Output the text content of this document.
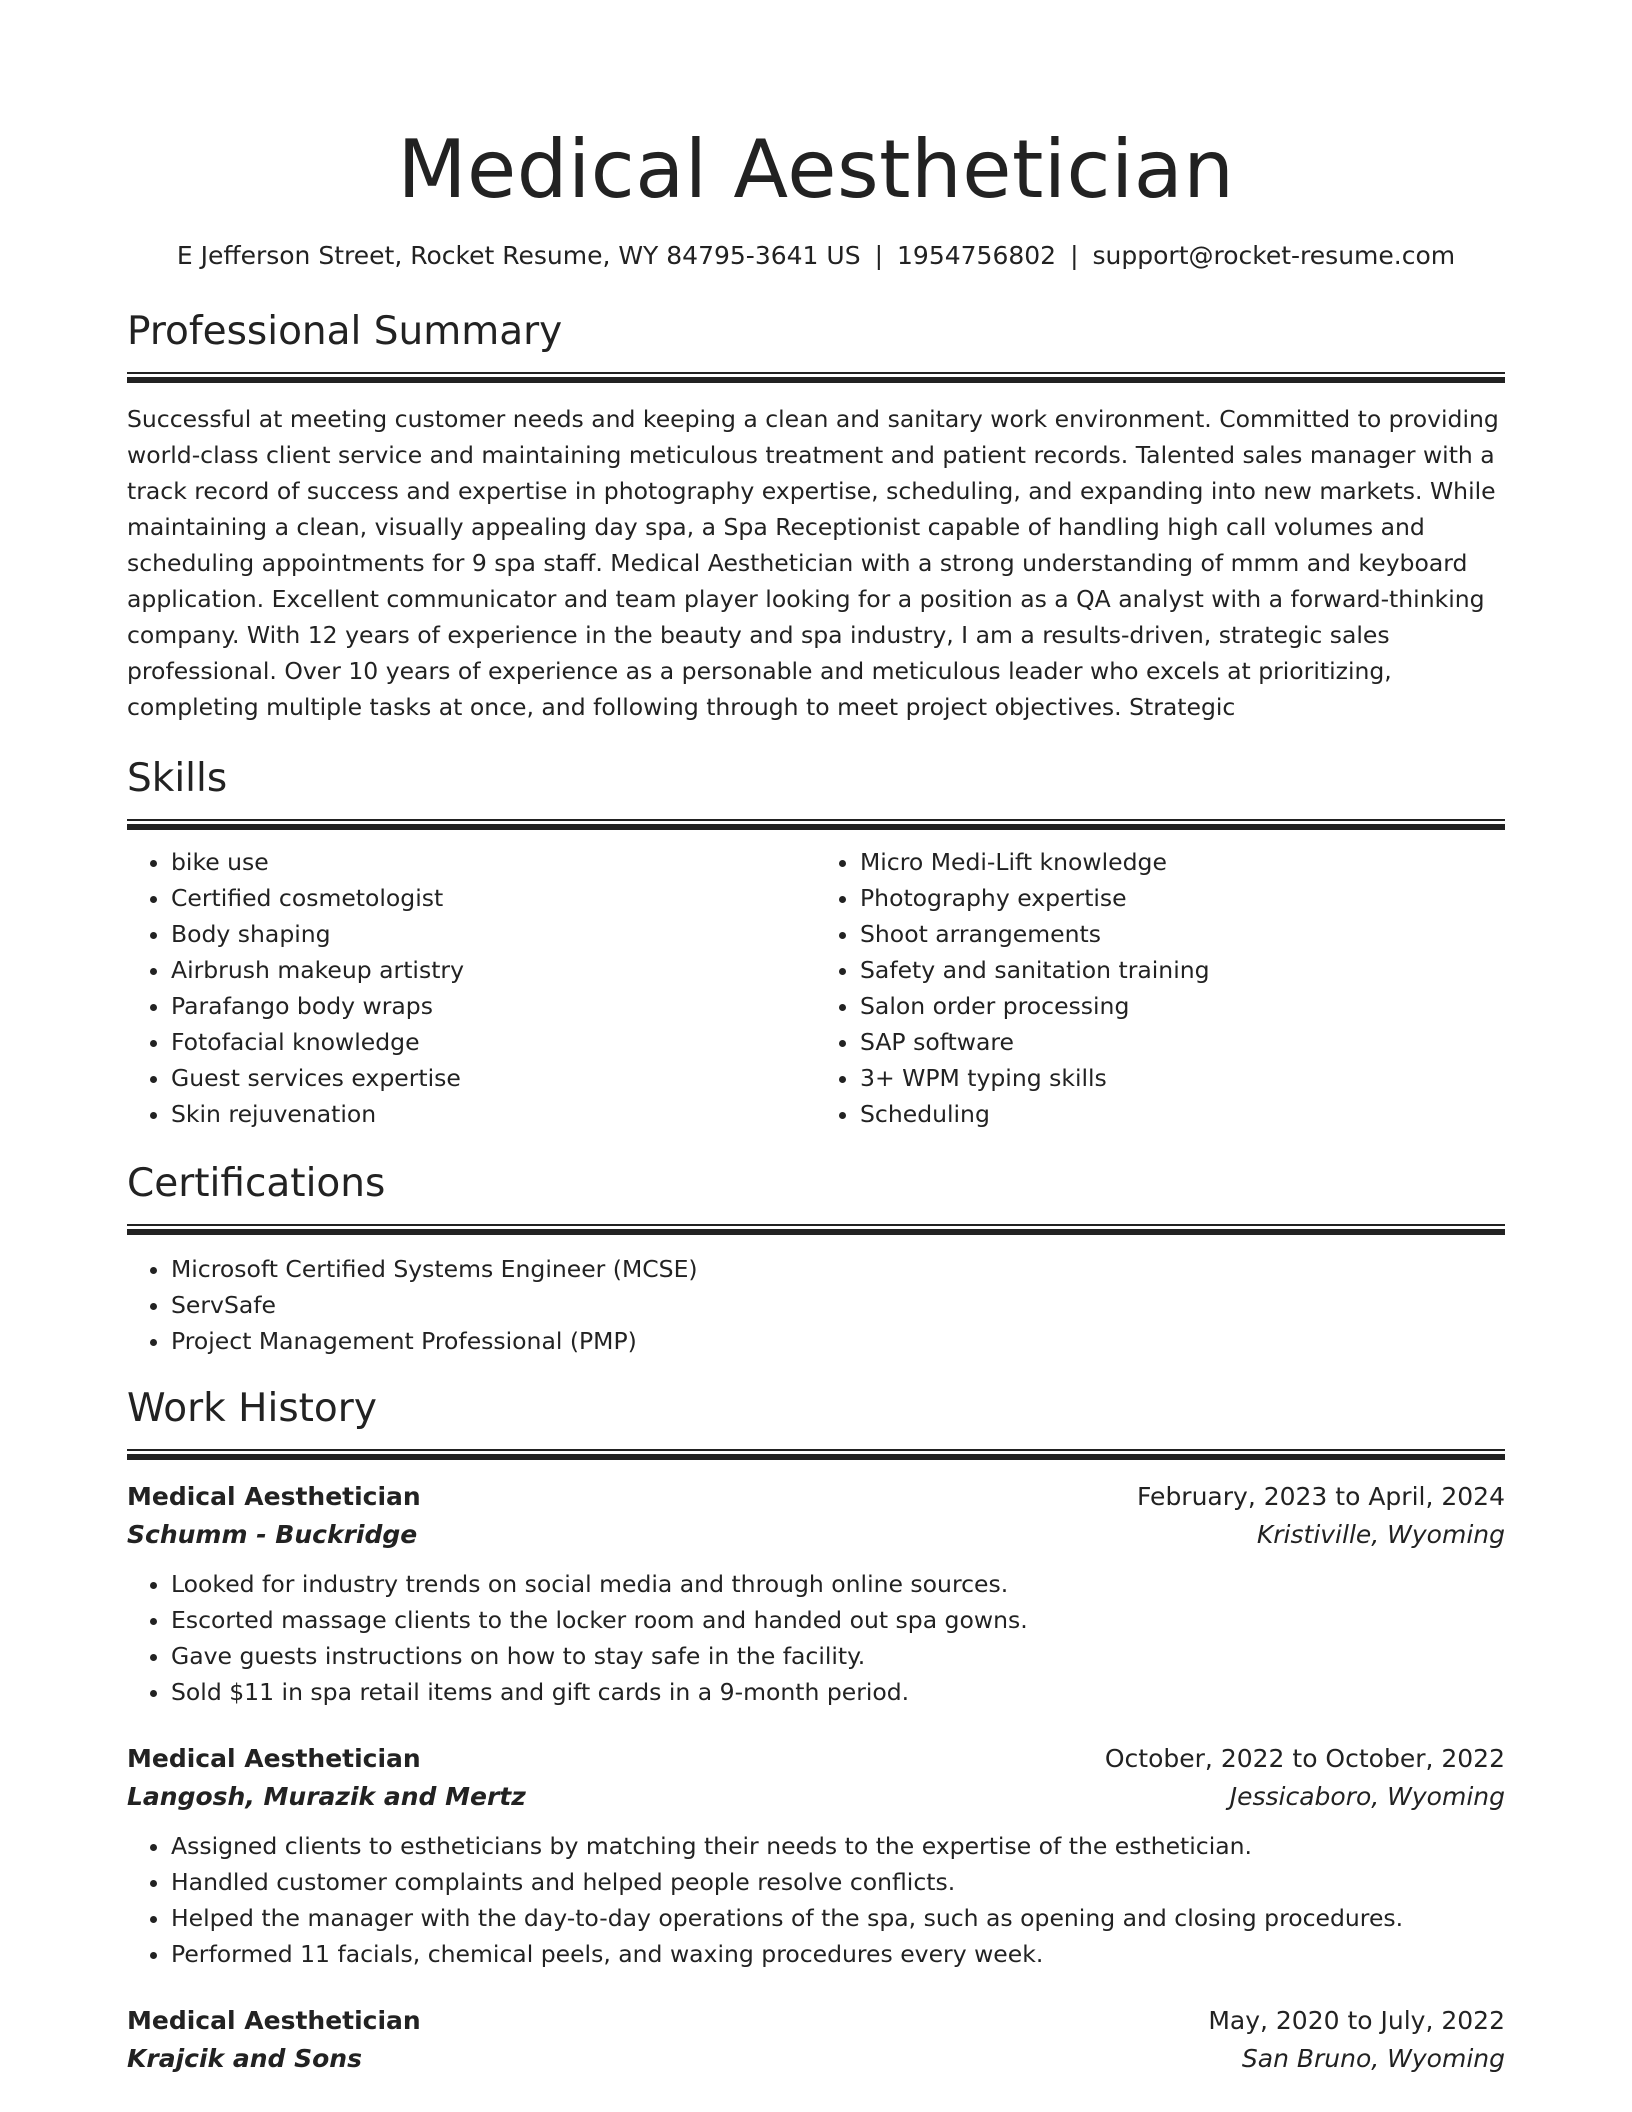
Medical Aesthetician
E Jefferson Street, Rocket Resume, WY 84795-3641 US | 1954756802 | support@rocket-resume.com
Professional Summary
Successful at meeting customer needs and keeping a clean and sanitary work environment. Committed to providing world-class client service and maintaining meticulous treatment and patient records. Talented sales manager with a track record of success and expertise in photography expertise, scheduling, and expanding into new markets. While maintaining a clean, visually appealing day spa, a Spa Receptionist capable of handling high call volumes and scheduling appointments for 9 spa staff. Medical Aesthetician with a strong understanding of mmm and keyboard application. Excellent communicator and team player looking for a position as a QA analyst with a forward-thinking company. With 12 years of experience in the beauty and spa industry, I am a results-driven, strategic sales professional. Over 10 years of experience as a personable and meticulous leader who excels at prioritizing, completing multiple tasks at once, and following through to meet project objectives. Strategic
Skills
• bike use
• Certified cosmetologist
• Body shaping
• Airbrush makeup artistry
• Parafango body wraps
• Fotofacial knowledge
• Guest services expertise
• Skin rejuvenation
• Micro Medi-Lift knowledge
• Photography expertise
• Shoot arrangements
• Safety and sanitation training
• Salon order processing
• SAP software
• 3+ WPM typing skills
• Scheduling
Certifications
• Microsoft Certified Systems Engineer (MCSE)
• ServSafe
• Project Management Professional (PMP)
Work History
Medical Aesthetician	February, 2023 to April, 2024
Schumm - Buckridge	Kristiville, Wyoming
• Looked for industry trends on social media and through online sources.
• Escorted massage clients to the locker room and handed out spa gowns.
• Gave guests instructions on how to stay safe in the facility.
• Sold $11 in spa retail items and gift cards in a 9-month period.
Medical Aesthetician	October, 2022 to October, 2022
Langosh, Murazik and Mertz	Jessicaboro, Wyoming
• Assigned clients to estheticians by matching their needs to the expertise of the esthetician.
• Handled customer complaints and helped people resolve conflicts.
• Helped the manager with the day-to-day operations of the spa, such as opening and closing procedures.
• Performed 11 facials, chemical peels, and waxing procedures every week.
Medical Aesthetician	May, 2020 to July, 2022
Krajcik and Sons	San Bruno, Wyoming
